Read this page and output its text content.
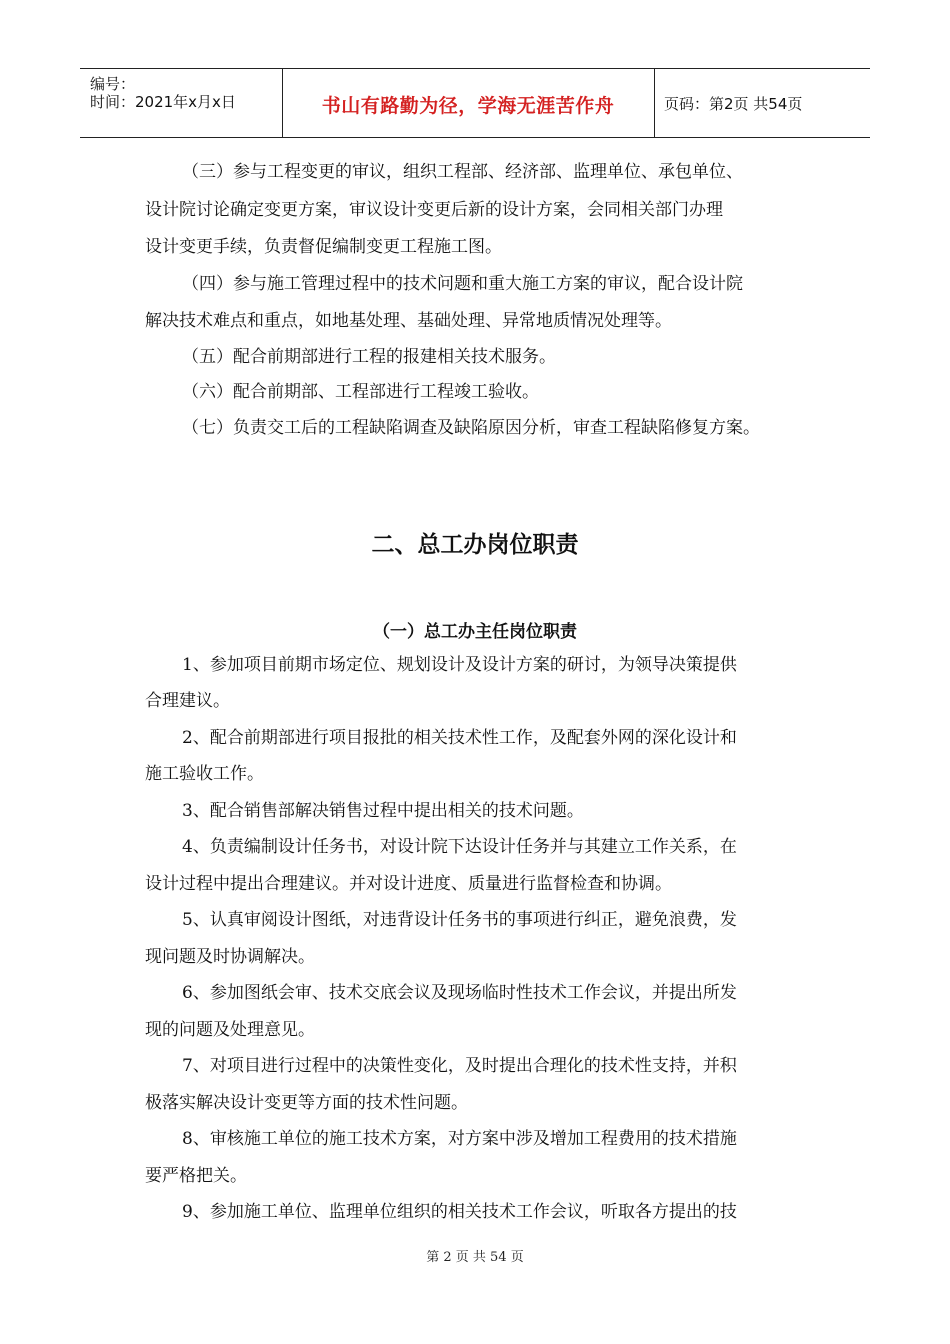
编号：
时间：2021年x月x日	书山有路勤为径，学海无涯苦作舟	页码：第2页 共54页
（三）参与工程变更的审议，组织工程部、经济部、监理单位、承包单位、
设计院讨论确定变更方案，审议设计变更后新的设计方案，会同相关部门办理
设计变更手续，负责督促编制变更工程施工图。
（四）参与施工管理过程中的技术问题和重大施工方案的审议，配合设计院
解决技术难点和重点，如地基处理、基础处理、异常地质情况处理等。
（五）配合前期部进行工程的报建相关技术服务。
（六）配合前期部、工程部进行工程竣工验收。
（七）负责交工后的工程缺陷调查及缺陷原因分析，审查工程缺陷修复方案。
二、总工办岗位职责
（一）总工办主任岗位职责
1、参加项目前期市场定位、规划设计及设计方案的研讨，为领导决策提供
合理建议。
2、配合前期部进行项目报批的相关技术性工作，及配套外网的深化设计和
施工验收工作。
3、配合销售部解决销售过程中提出相关的技术问题。
4、负责编制设计任务书，对设计院下达设计任务并与其建立工作关系，在
设计过程中提出合理建议。并对设计进度、质量进行监督检查和协调。
5、认真审阅设计图纸，对违背设计任务书的事项进行纠正，避免浪费，发
现问题及时协调解决。
6、参加图纸会审、技术交底会议及现场临时性技术工作会议，并提出所发
现的问题及处理意见。
7、对项目进行过程中的决策性变化，及时提出合理化的技术性支持，并积
极落实解决设计变更等方面的技术性问题。
8、审核施工单位的施工技术方案，对方案中涉及增加工程费用的技术措施
要严格把关。
9、参加施工单位、监理单位组织的相关技术工作会议，听取各方提出的技
第 2 页 共 54 页
